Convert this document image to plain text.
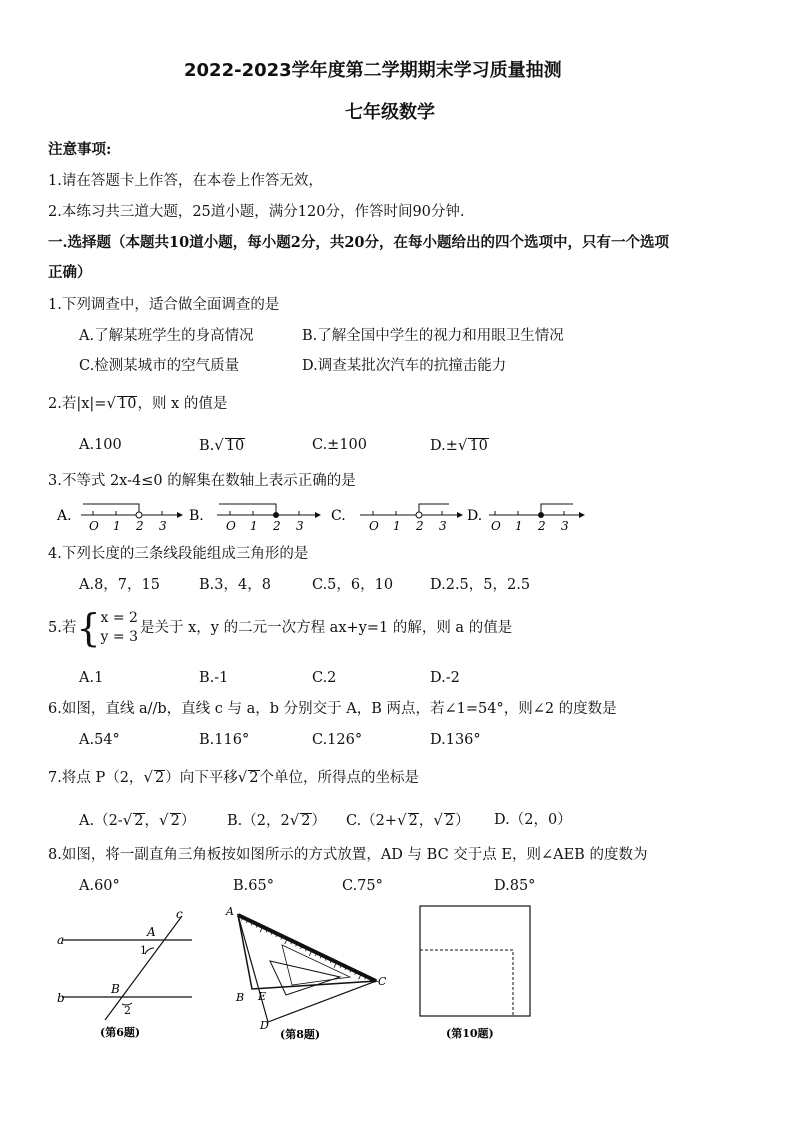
2022-2023学年度第二学期期末学习质量抽测
七年级数学
注意事项:
1.请在答题卡上作答，在本卷上作答无效，
2.本练习共三道大题，25道小题，满分120分，作答时间90分钟.
一.选择题（本题共10道小题，每小题2分，共20分，在每小题给出的四个选项中，只有一个选项
正确）
1.下列调查中，适合做全面调查的是
A.了解某班学生的身高情况	B.了解全国中学生的视力和用眼卫生情况
C.检测某城市的空气质量	D.调查某批次汽车的抗撞击能力
2.若|x|=√ 10，则 x 的值是
A.100	B.√ 10	C.±100	D.±√ 10
3.不等式 2x-4≤0 的解集在数轴上表示正确的是
A.
O 1 2 3
B.
O 1 2 3
C.
O 1 2 3
D.
O 1 2 3
4.下列长度的三条线段能组成三角形的是
A.8，7，15	B.3，4，8	C.5，6，10	D.2.5，5，2.5
5.若{x = 2
y = 3是关于 x，y 的二元一次方程 ax+y=1 的解，则 a 的值是
A.1	B.-1	C.2	D.-2
6.如图，直线 a//b，直线 c 与 a，b 分别交于 A，B 两点，若∠1=54°，则∠2 的度数是
A.54°	B.116°	C.126°	D.136°
7.将点 P（2，√ 2）向下平移√ 2个单位，所得点的坐标是
A.（2-√ 2，√ 2） B.（2，2√ 2） C.（2+√ 2，√ 2） D.（2，0）
8.如图，将一副直角三角板按如图所示的方式放置，AD 与 BC 交于点 E，则∠AEB 的度数为
A.60°	B.65°	C.75°	D.85°
a
b
c
A
1
B
2
(第6题)
A
B
C
D
E
(第8题)	(第10题)
